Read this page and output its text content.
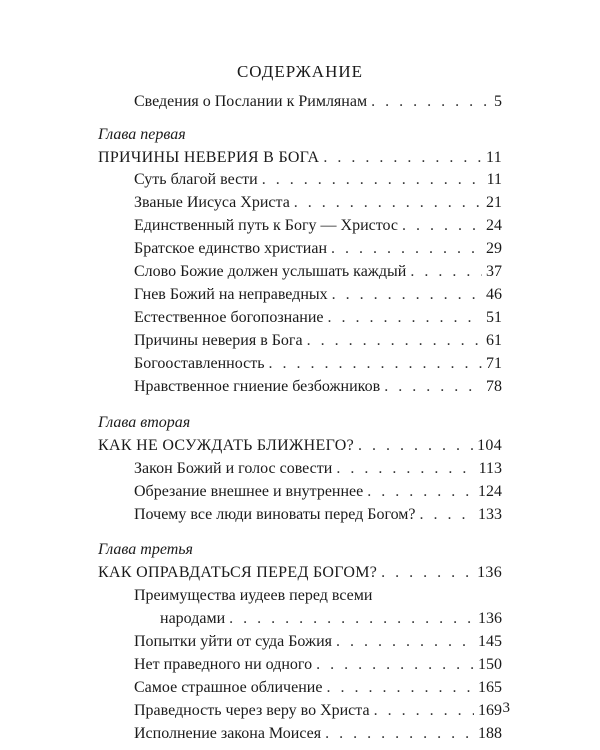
СОДЕРЖАНИЕ
Сведения о Послании к Римлянам . . .	5
Глава первая
ПРИЧИНЫ НЕВЕРИЯ В БОГА . . .	11
Суть благой вести . . .	11
Званые Иисуса Христа . . .	21
Единственный путь к Богу — Христос . . .	24
Братское единство христиан . . .	29
Слово Божие должен услышать каждый . . .	37
Гнев Божий на неправедных . . .	46
Естественное богопознание . . .	51
Причины неверия в Бога . . .	61
Богооставленность . . .	71
Нравственное гниение безбожников . . .	78
Глава вторая
КАК НЕ ОСУЖДАТЬ БЛИЖНЕГО? . . .	104
Закон Божий и голос совести . . .	113
Обрезание внешнее и внутреннее . . .	124
Почему все люди виноваты перед Богом? . . .	133
Глава третья
КАК ОПРАВДАТЬСЯ ПЕРЕД БОГОМ? . . .	136
Преимущества иудеев перед всеми
народами . . .	136
Попытки уйти от суда Божия . . .	145
Нет праведного ни одного . . .	150
Самое страшное обличение . . .	165
Праведность через веру во Христа . . .	169
Исполнение закона Моисея . . .	188
3
